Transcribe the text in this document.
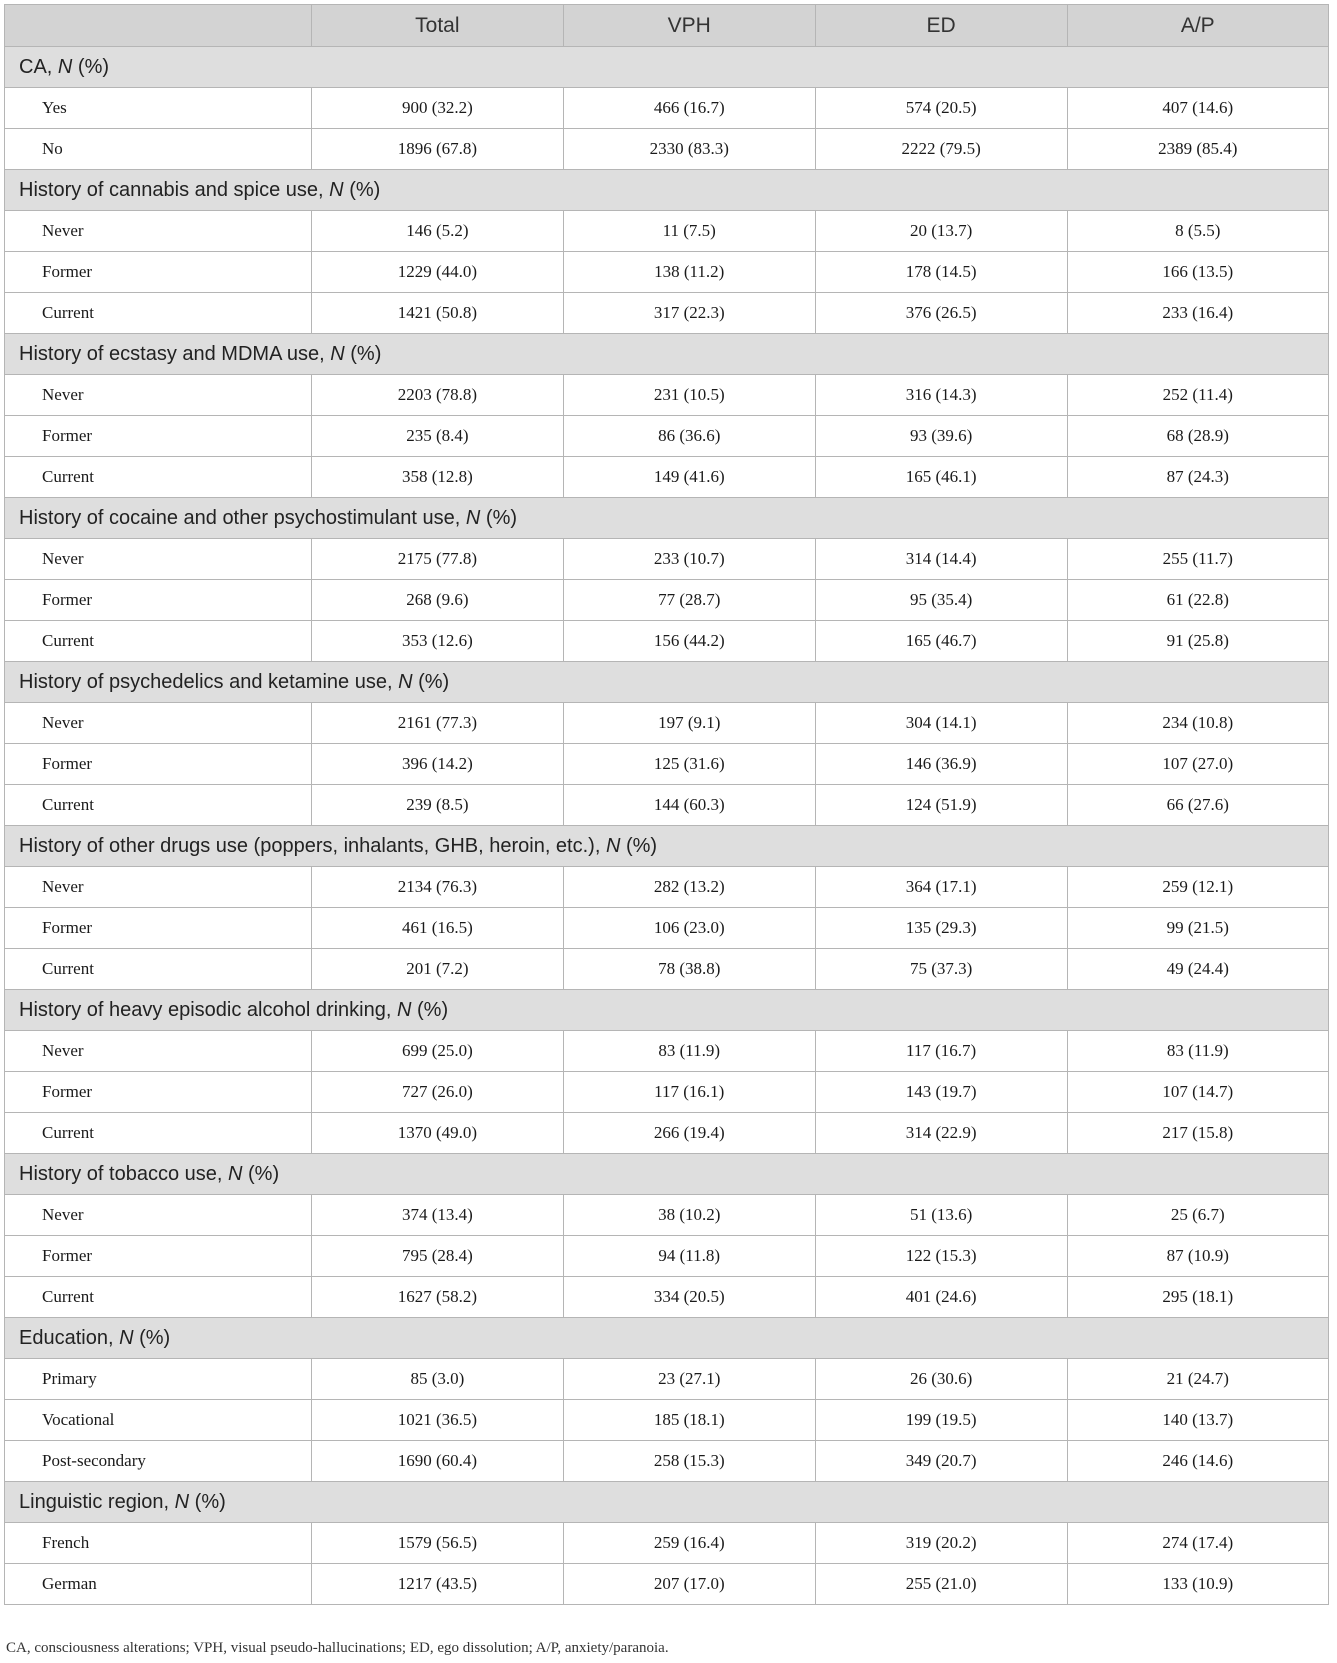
	Total	VPH	ED	A/P
CA, N (%)				
Yes	900 (32.2)	466 (16.7)	574 (20.5)	407 (14.6)
No	1896 (67.8)	2330 (83.3)	2222 (79.5)	2389 (85.4)
History of cannabis and spice use, N (%)				
Never	146 (5.2)	11 (7.5)	20 (13.7)	8 (5.5)
Former	1229 (44.0)	138 (11.2)	178 (14.5)	166 (13.5)
Current	1421 (50.8)	317 (22.3)	376 (26.5)	233 (16.4)
History of ecstasy and MDMA use, N (%)				
Never	2203 (78.8)	231 (10.5)	316 (14.3)	252 (11.4)
Former	235 (8.4)	86 (36.6)	93 (39.6)	68 (28.9)
Current	358 (12.8)	149 (41.6)	165 (46.1)	87 (24.3)
History of cocaine and other psychostimulant use, N (%)				
Never	2175 (77.8)	233 (10.7)	314 (14.4)	255 (11.7)
Former	268 (9.6)	77 (28.7)	95 (35.4)	61 (22.8)
Current	353 (12.6)	156 (44.2)	165 (46.7)	91 (25.8)
History of psychedelics and ketamine use, N (%)				
Never	2161 (77.3)	197 (9.1)	304 (14.1)	234 (10.8)
Former	396 (14.2)	125 (31.6)	146 (36.9)	107 (27.0)
Current	239 (8.5)	144 (60.3)	124 (51.9)	66 (27.6)
History of other drugs use (poppers, inhalants, GHB, heroin, etc.), N (%)				
Never	2134 (76.3)	282 (13.2)	364 (17.1)	259 (12.1)
Former	461 (16.5)	106 (23.0)	135 (29.3)	99 (21.5)
Current	201 (7.2)	78 (38.8)	75 (37.3)	49 (24.4)
History of heavy episodic alcohol drinking, N (%)				
Never	699 (25.0)	83 (11.9)	117 (16.7)	83 (11.9)
Former	727 (26.0)	117 (16.1)	143 (19.7)	107 (14.7)
Current	1370 (49.0)	266 (19.4)	314 (22.9)	217 (15.8)
History of tobacco use, N (%)				
Never	374 (13.4)	38 (10.2)	51 (13.6)	25 (6.7)
Former	795 (28.4)	94 (11.8)	122 (15.3)	87 (10.9)
Current	1627 (58.2)	334 (20.5)	401 (24.6)	295 (18.1)
Education, N (%)				
Primary	85 (3.0)	23 (27.1)	26 (30.6)	21 (24.7)
Vocational	1021 (36.5)	185 (18.1)	199 (19.5)	140 (13.7)
Post-secondary	1690 (60.4)	258 (15.3)	349 (20.7)	246 (14.6)
Linguistic region, N (%)				
French	1579 (56.5)	259 (16.4)	319 (20.2)	274 (17.4)
German	1217 (43.5)	207 (17.0)	255 (21.0)	133 (10.9)
CA, consciousness alterations; VPH, visual pseudo-hallucinations; ED, ego dissolution; A/P, anxiety/paranoia.
